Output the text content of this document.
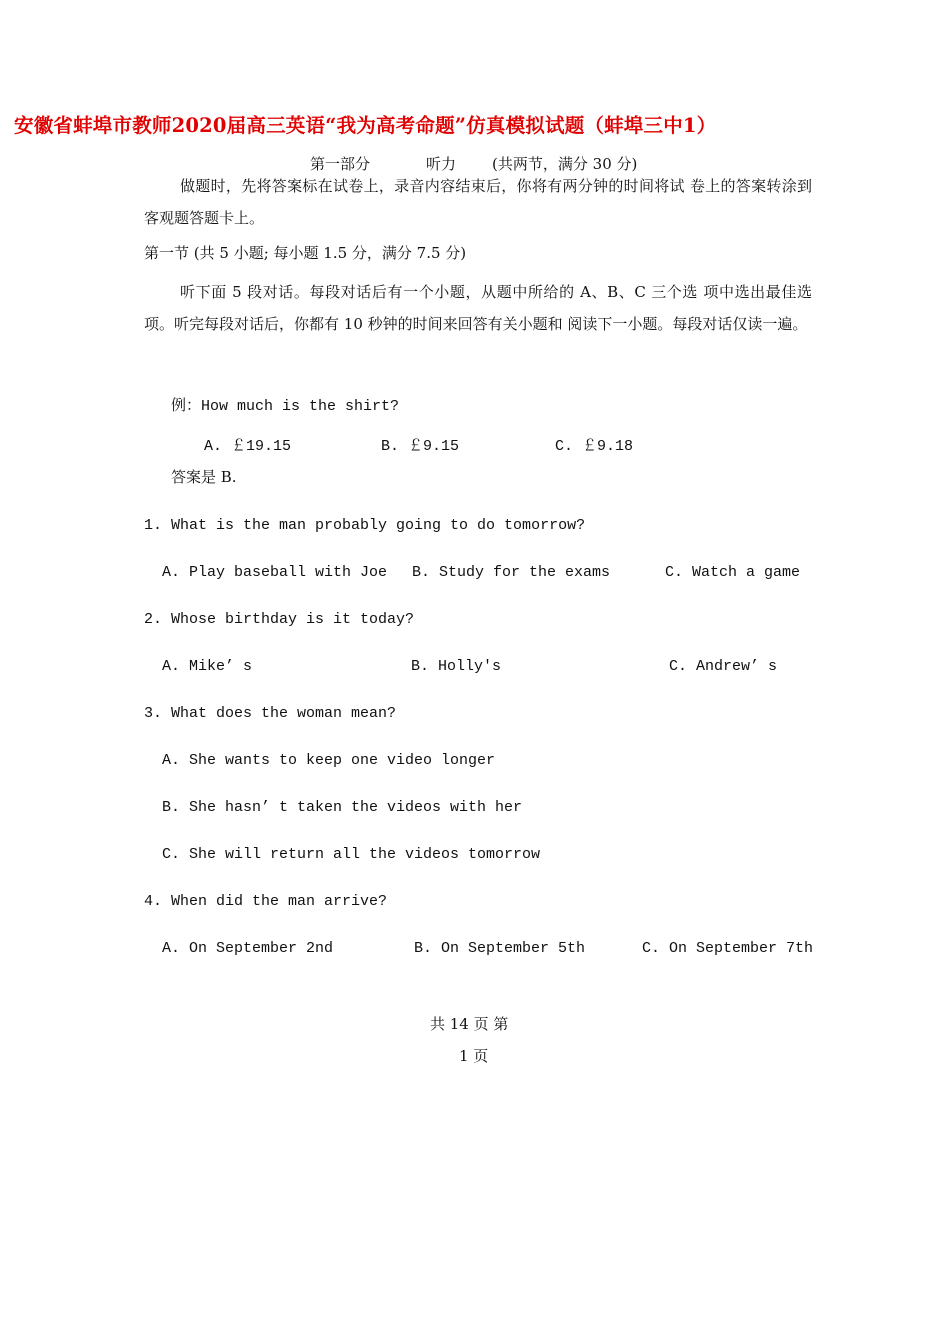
安徽省蚌埠市教师2020届高三英语“我为高考命题”仿真模拟试题（蚌埠三中1）
第一部分	听力 (共两节，满分 30 分)
做题时，先将答案标在试卷上，录音内容结束后，你将有两分钟的时间将试 卷上的答案转涂到客观题答题卡上。
第一节 (共 5 小题; 每小题 1.5 分，满分 7.5 分)
听下面 5 段对话。每段对话后有一个小题，从题中所给的 A、B、C 三个选 项中选出最佳选项。听完每段对话后，你都有 10 秒钟的时间来回答有关小题和 阅读下一小题。每段对话仅读一遍。
例：How much is the shirt?
A. ￡19.15	B. ￡9.15	C. ￡9.18
答案是 B.
1. What is the man probably going to do tomorrow?
A. Play baseball with Joe B. Study for the exams	C. Watch a game
2. Whose birthday is it today?
A. Mike’ s	B. Holly's	C. Andrew’ s
3. What does the woman mean?
A. She wants to keep one video longer
B. She hasn’ t taken the videos with her
C. She will return all the videos tomorrow
4. When did the man arrive?
A. On September 2nd	B. On September 5th	C. On September 7th
共 14 页 第
1 页
